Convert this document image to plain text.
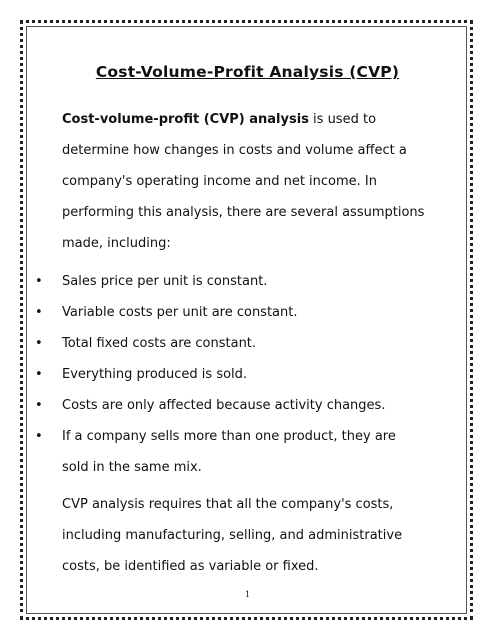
Cost-Volume-Profit Analysis (CVP)

Cost-volume-profit (CVP) analysis is used to determine how changes in costs and volume affect a company's operating income and net income. In performing this analysis, there are several assumptions made, including:

• Sales price per unit is constant.
• Variable costs per unit are constant.
• Total fixed costs are constant.
• Everything produced is sold.
• Costs are only affected because activity changes.
• If a company sells more than one product, they are sold in the same mix.

CVP analysis requires that all the company's costs, including manufacturing, selling, and administrative costs, be identified as variable or fixed.

1
